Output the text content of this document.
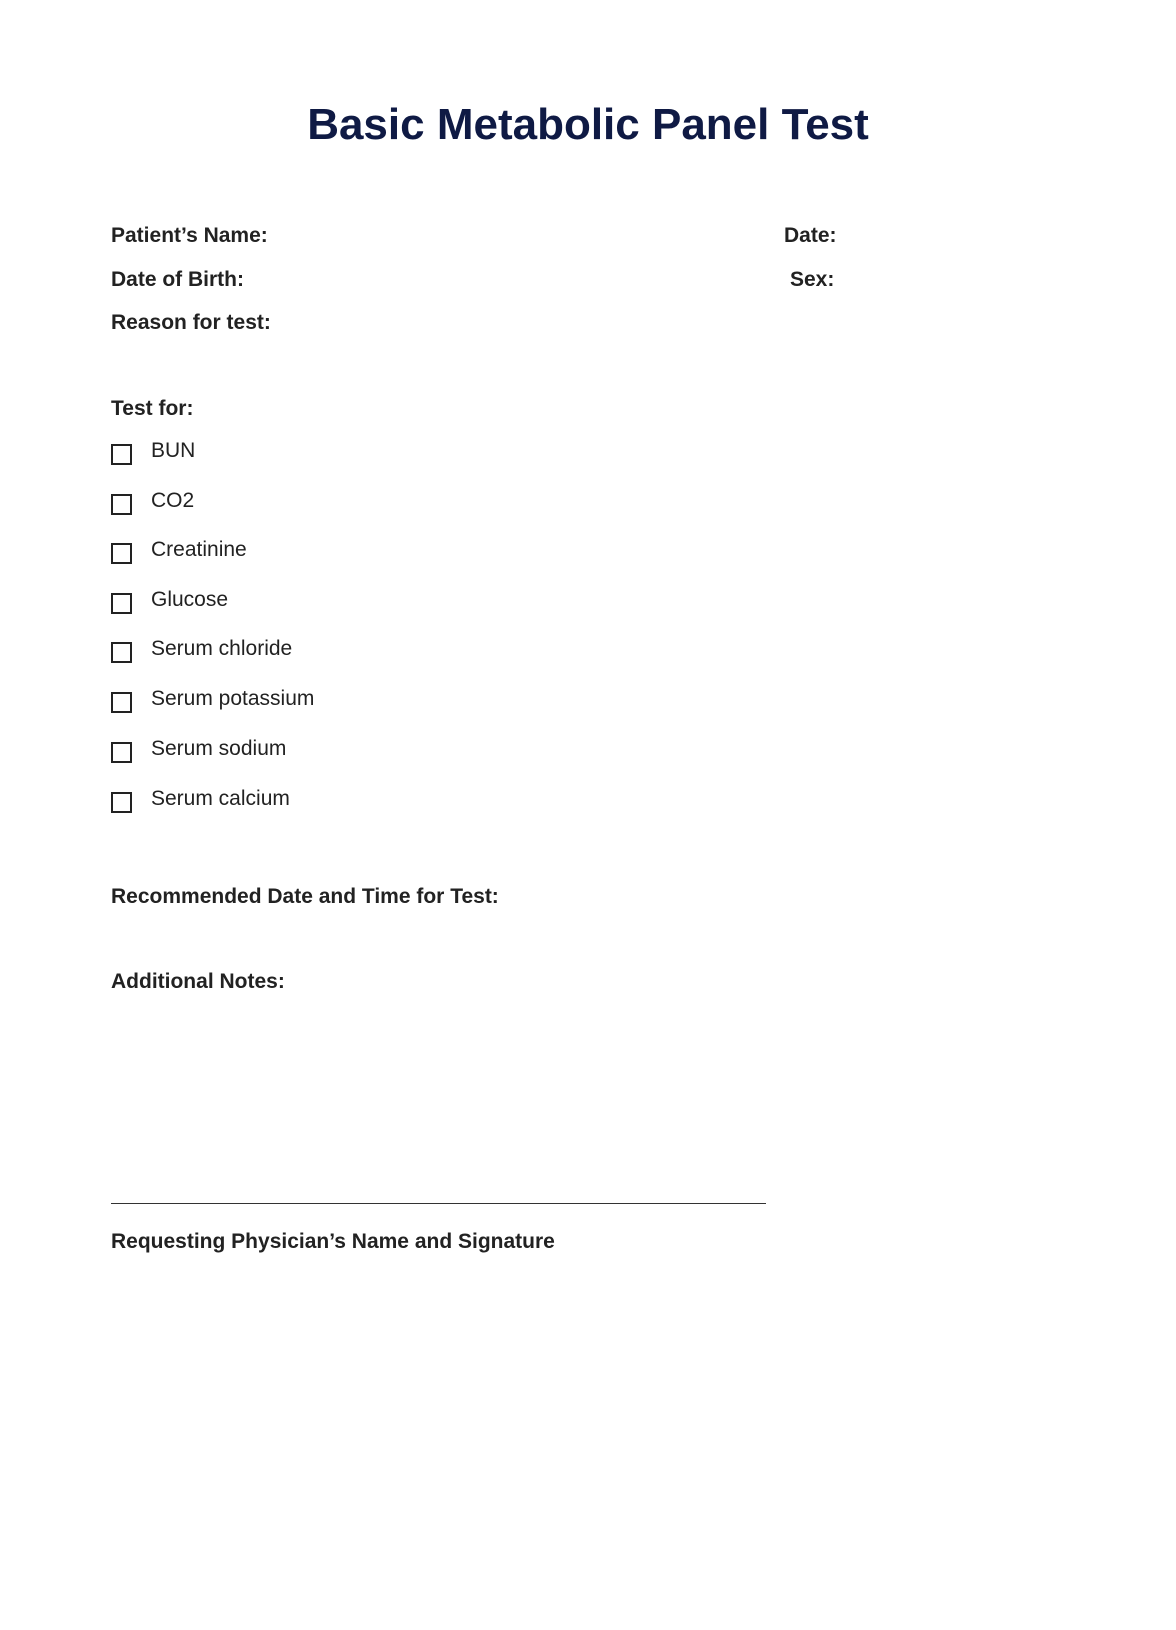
Basic Metabolic Panel Test
Patient’s Name:	Date:
Date of Birth:	Sex:
Reason for test:
Test for:
BUN
CO2
Creatinine
Glucose
Serum chloride
Serum potassium
Serum sodium
Serum calcium
Recommended Date and Time for Test:
Additional Notes:
Requesting Physician’s Name and Signature
